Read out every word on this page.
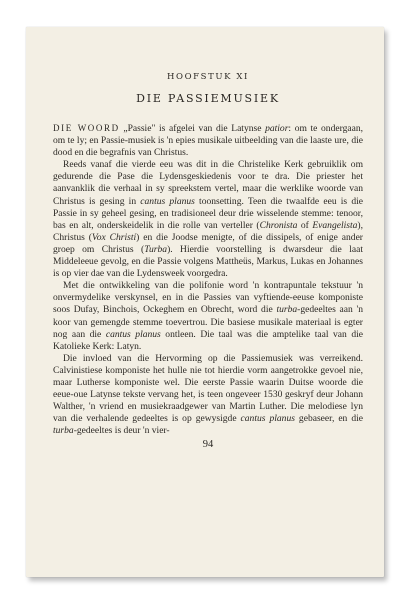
HOOFSTUK XI
DIE PASSIEMUSIEK

DIE WOORD „Passie" is afgelei van die Latynse patior: om te ondergaan, om te ly; en Passie-musiek is 'n epies musikale uitbeelding van die laaste ure, die dood en die begrafnis van Christus.

Reeds vanaf die vierde eeu was dit in die Christelike Kerk gebruiklik om gedurende die Pase die Lydensgeskiedenis voor te dra. Die priester het aanvanklik die verhaal in sy spreekstem vertel, maar die werklike woorde van Christus is gesing in cantus planus toonsetting. Teen die twaalfde eeu is die Passie in sy geheel gesing, en tradisioneel deur drie wisselende stemme: tenoor, bas en alt, onderskeidelik in die rolle van verteller (Chronista of Evangelista), Christus (Vox Christi) en die Joodse menigte, of die dissipels, of enige ander groep om Christus (Turba). Hierdie voorstelling is dwarsdeur die laat Middeleeue gevolg, en die Passie volgens Mattheüs, Markus, Lukas en Johannes is op vier dae van die Lydensweek voorgedra.

Met die ontwikkeling van die polifonie word 'n kontrapuntale tekstuur 'n onvermydelike verskynsel, en in die Passies van vyftiende-eeuse komponiste soos Dufay, Binchois, Ockeghem en Obrecht, word die turba-gedeeltes aan 'n koor van gemengde stemme toevertrou. Die basiese musikale materiaal is egter nog aan die cantus planus ontleen. Die taal was die amptelike taal van die Katolieke Kerk: Latyn.

Die invloed van die Hervorming op die Passiemusiek was verreikend. Calvinistiese komponiste het hulle nie tot hierdie vorm aangetrokke gevoel nie, maar Lutherse komponiste wel. Die eerste Passie waarin Duitse woorde die eeue-oue Latynse tekste vervang het, is teen ongeveer 1530 geskryf deur Johann Walther, 'n vriend en musiekraadgewer van Martin Luther. Die melodiese lyn van die verhalende gedeeltes is op gewysigde cantus planus gebaseer, en die turba-gedeeltes is deur 'n vier-

94
